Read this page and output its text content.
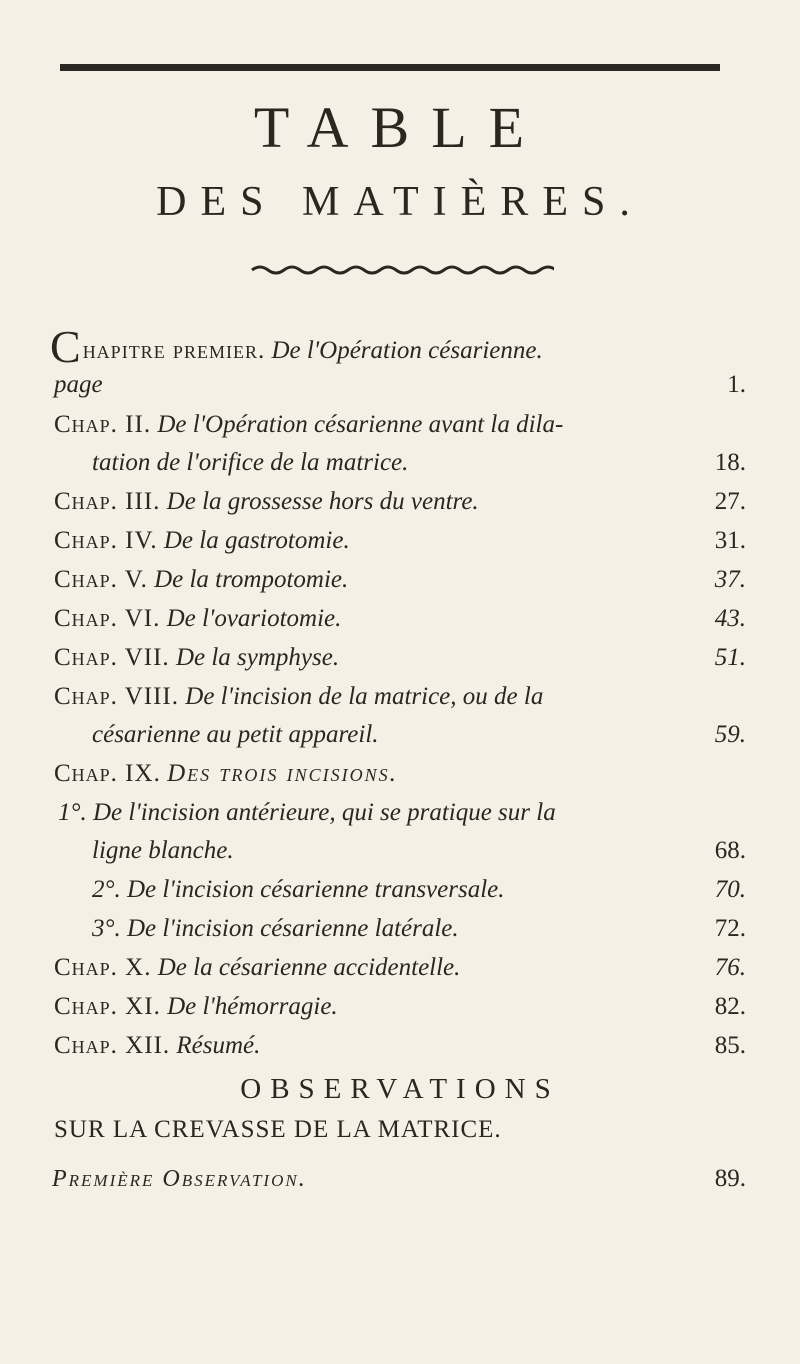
TABLE
DES MATIÈRES.
Chapitre premier. De l'Opération césarienne.
page	1.
Chap. II. De l'Opération césarienne avant la dila-
tation de l'orifice de la matrice.	18.
Chap. III. De la grossesse hors du ventre.	27.
Chap. IV. De la gastrotomie.	31.
Chap. V. De la trompotomie.	37.
Chap. VI. De l'ovariotomie.	43.
Chap. VII. De la symphyse.	51.
Chap. VIII. De l'incision de la matrice, ou de la
césarienne au petit appareil.	59.
Chap. IX. Des trois incisions.
1°. De l'incision antérieure, qui se pratique sur la
ligne blanche.	68.
2°. De l'incision césarienne transversale.	70.
3°. De l'incision césarienne latérale.	72.
Chap. X. De la césarienne accidentelle.	76.
Chap. XI. De l'hémorragie.	82.
Chap. XII. Résumé.	85.
OBSERVATIONS
SUR LA CREVASSE DE LA MATRICE.
Première Observation.	89.
